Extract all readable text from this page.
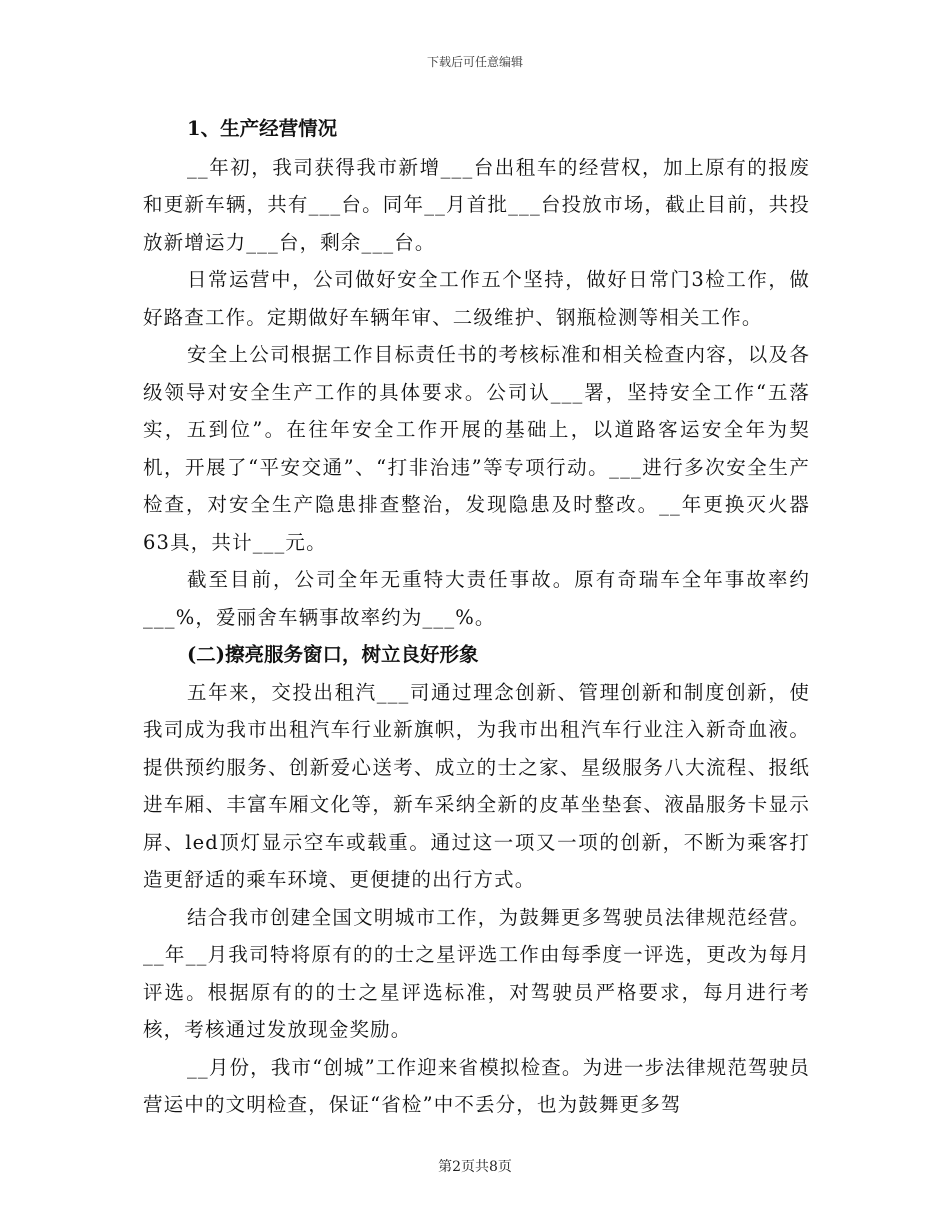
下载后可任意编辑

1、生产经营情况

__年初，我司获得我市新增___台出租车的经营权，加上原有的报废和更新车辆，共有___台。同年__月首批___台投放市场，截止目前，共投放新增运力___台，剩余___台。

日常运营中，公司做好安全工作五个坚持，做好日常门3检工作，做好路查工作。定期做好车辆年审、二级维护、钢瓶检测等相关工作。

安全上公司根据工作目标责任书的考核标准和相关检查内容，以及各级领导对安全生产工作的具体要求。公司认___署，坚持安全工作“五落实，五到位”。在往年安全工作开展的基础上，以道路客运安全年为契机，开展了“平安交通”、“打非治违”等专项行动。___进行多次安全生产检查，对安全生产隐患排查整治，发现隐患及时整改。__年更换灭火器63具，共计___元。

截至目前，公司全年无重特大责任事故。原有奇瑞车全年事故率约___%，爱丽舍车辆事故率约为___%。

(二)擦亮服务窗口，树立良好形象

五年来，交投出租汽___司通过理念创新、管理创新和制度创新，使我司成为我市出租汽车行业新旗帜，为我市出租汽车行业注入新奇血液。提供预约服务、创新爱心送考、成立的士之家、星级服务八大流程、报纸进车厢、丰富车厢文化等，新车采纳全新的皮革坐垫套、液晶服务卡显示屏、led顶灯显示空车或载重。通过这一项又一项的创新，不断为乘客打造更舒适的乘车环境、更便捷的出行方式。

结合我市创建全国文明城市工作，为鼓舞更多驾驶员法律规范经营。__年__月我司特将原有的的士之星评选工作由每季度一评选，更改为每月评选。根据原有的的士之星评选标准，对驾驶员严格要求，每月进行考核，考核通过发放现金奖励。

__月份，我市“创城”工作迎来省模拟检查。为进一步法律规范驾驶员营运中的文明检查，保证“省检”中不丢分，也为鼓舞更多驾

第2页共8页
